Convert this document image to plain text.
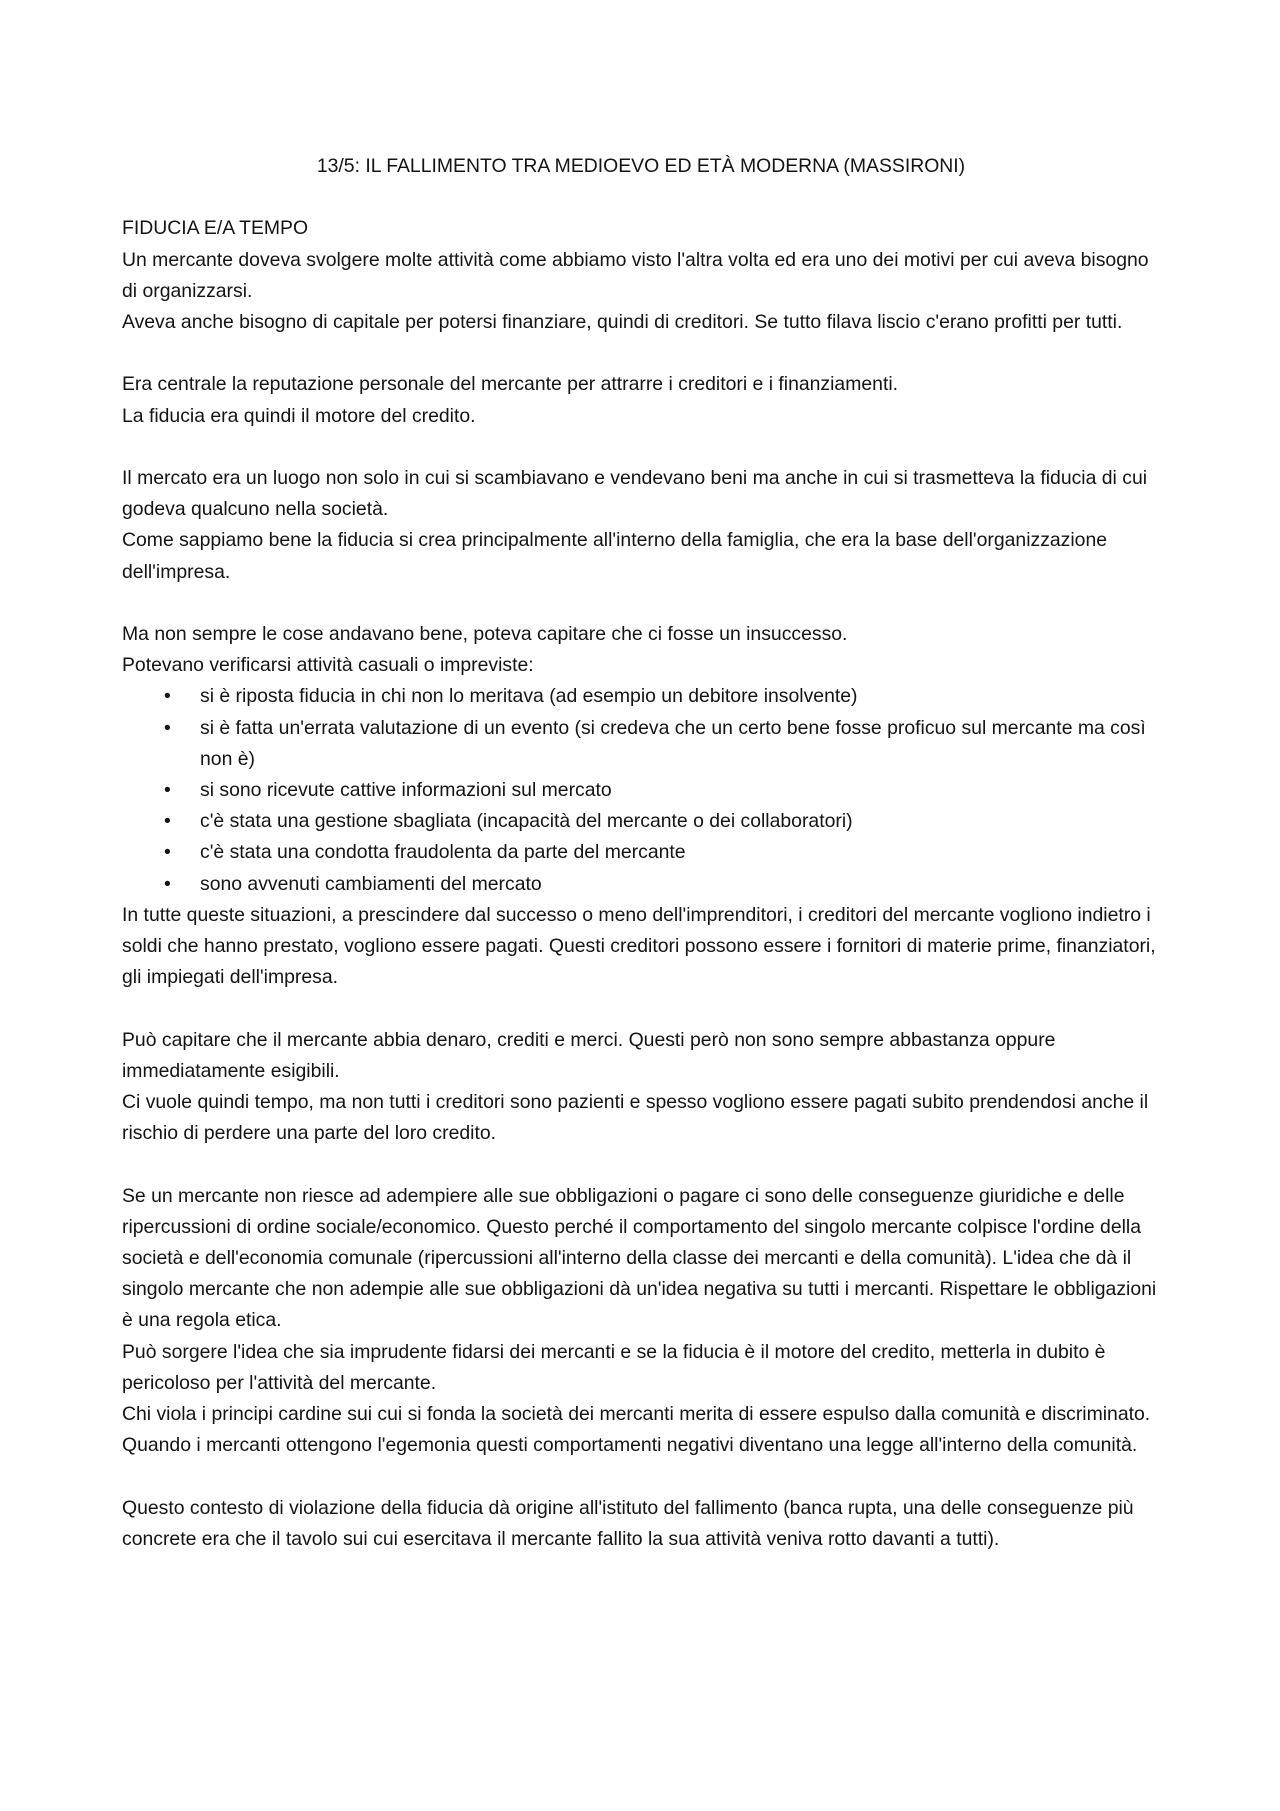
13/5: IL FALLIMENTO TRA MEDIOEVO ED ETÀ MODERNA (MASSIRONI)
FIDUCIA E/A TEMPO

Un mercante doveva svolgere molte attività come abbiamo visto l'altra volta ed era uno dei motivi per cui aveva bisogno di organizzarsi.

Aveva anche bisogno di capitale per potersi finanziare, quindi di creditori. Se tutto filava liscio c'erano profitti per tutti.

Era centrale la reputazione personale del mercante per attrarre i creditori e i finanziamenti.

La fiducia era quindi il motore del credito.

Il mercato era un luogo non solo in cui si scambiavano e vendevano beni ma anche in cui si trasmetteva la fiducia di cui godeva qualcuno nella società.

Come sappiamo bene la fiducia si crea principalmente all'interno della famiglia, che era la base dell'organizzazione dell'impresa.

Ma non sempre le cose andavano bene, poteva capitare che ci fosse un insuccesso.

Potevano verificarsi attività casuali o impreviste:

• si è riposta fiducia in chi non lo meritava (ad esempio un debitore insolvente)
• si è fatta un'errata valutazione di un evento (si credeva che un certo bene fosse proficuo sul mercante ma così non è)
• si sono ricevute cattive informazioni sul mercato
• c'è stata una gestione sbagliata (incapacità del mercante o dei collaboratori)
• c'è stata una condotta fraudolenta da parte del mercante
• sono avvenuti cambiamenti del mercato

In tutte queste situazioni, a prescindere dal successo o meno dell'imprenditori, i creditori del mercante vogliono indietro i soldi che hanno prestato, vogliono essere pagati. Questi creditori possono essere i fornitori di materie prime, finanziatori, gli impiegati dell'impresa.

Può capitare che il mercante abbia denaro, crediti e merci. Questi però non sono sempre abbastanza oppure immediatamente esigibili.

Ci vuole quindi tempo, ma non tutti i creditori sono pazienti e spesso vogliono essere pagati subito prendendosi anche il rischio di perdere una parte del loro credito.

Se un mercante non riesce ad adempiere alle sue obbligazioni o pagare ci sono delle conseguenze giuridiche e delle ripercussioni di ordine sociale/economico. Questo perché il comportamento del singolo mercante colpisce l'ordine della società e dell'economia comunale (ripercussioni all'interno della classe dei mercanti e della comunità). L'idea che dà il singolo mercante che non adempie alle sue obbligazioni dà un'idea negativa su tutti i mercanti. Rispettare le obbligazioni è una regola etica.

Può sorgere l'idea che sia imprudente fidarsi dei mercanti e se la fiducia è il motore del credito, metterla in dubito è pericoloso per l'attività del mercante.

Chi viola i principi cardine sui cui si fonda la società dei mercanti merita di essere espulso dalla comunità e discriminato.

Quando i mercanti ottengono l'egemonia questi comportamenti negativi diventano una legge all'interno della comunità.

Questo contesto di violazione della fiducia dà origine all'istituto del fallimento (banca rupta, una delle conseguenze più concrete era che il tavolo sui cui esercitava il mercante fallito la sua attività veniva rotto davanti a tutti).
